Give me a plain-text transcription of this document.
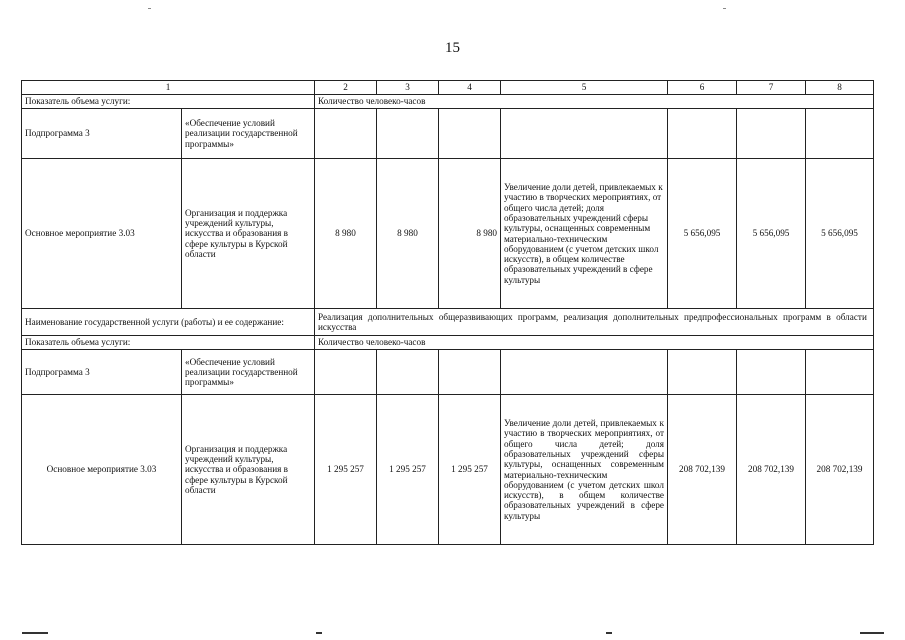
15
1		2	3	4	5	6	7	8
Показатель объема услуги:		Количество человеко-часов						
Подпрограмма 3	«Обеспечение условий реализации государственной программы»							
Основное мероприятие 3.03	Организация и поддержка учреждений культуры, искусства и образования в сфере культуры в Курской области	8 980	8 980	8 980	Увеличение доли детей, привлекаемых к участию в творческих мероприятиях, от общего числа детей; доля образовательных учреждений сферы культуры, оснащенных современным материально-техническим оборудованием (с учетом детских школ искусств), в общем количестве образовательных учреждений в сфере культуры	5 656,095	5 656,095	5 656,095
Наименование государственной услуги (работы) и ее содержание:		Реализация дополнительных общеразвивающих программ, реализация дополнительных предпрофессиональных программ в области искусства						
Показатель объема услуги:		Количество человеко-часов						
Подпрограмма 3	«Обеспечение условий реализации государственной программы»							
Основное мероприятие 3.03	Организация и поддержка учреждений культуры, искусства и образования в сфере культуры в Курской области	1 295 257	1 295 257	1 295 257	Увеличение доли детей, привлекаемых к участию в творческих мероприятиях, от общего числа детей; доля образовательных учреждений сферы культуры, оснащенных современным материально-техническим оборудованием (с учетом детских школ искусств), в общем количестве образовательных учреждений в сфере культуры	208 702,139	208 702,139	208 702,139
